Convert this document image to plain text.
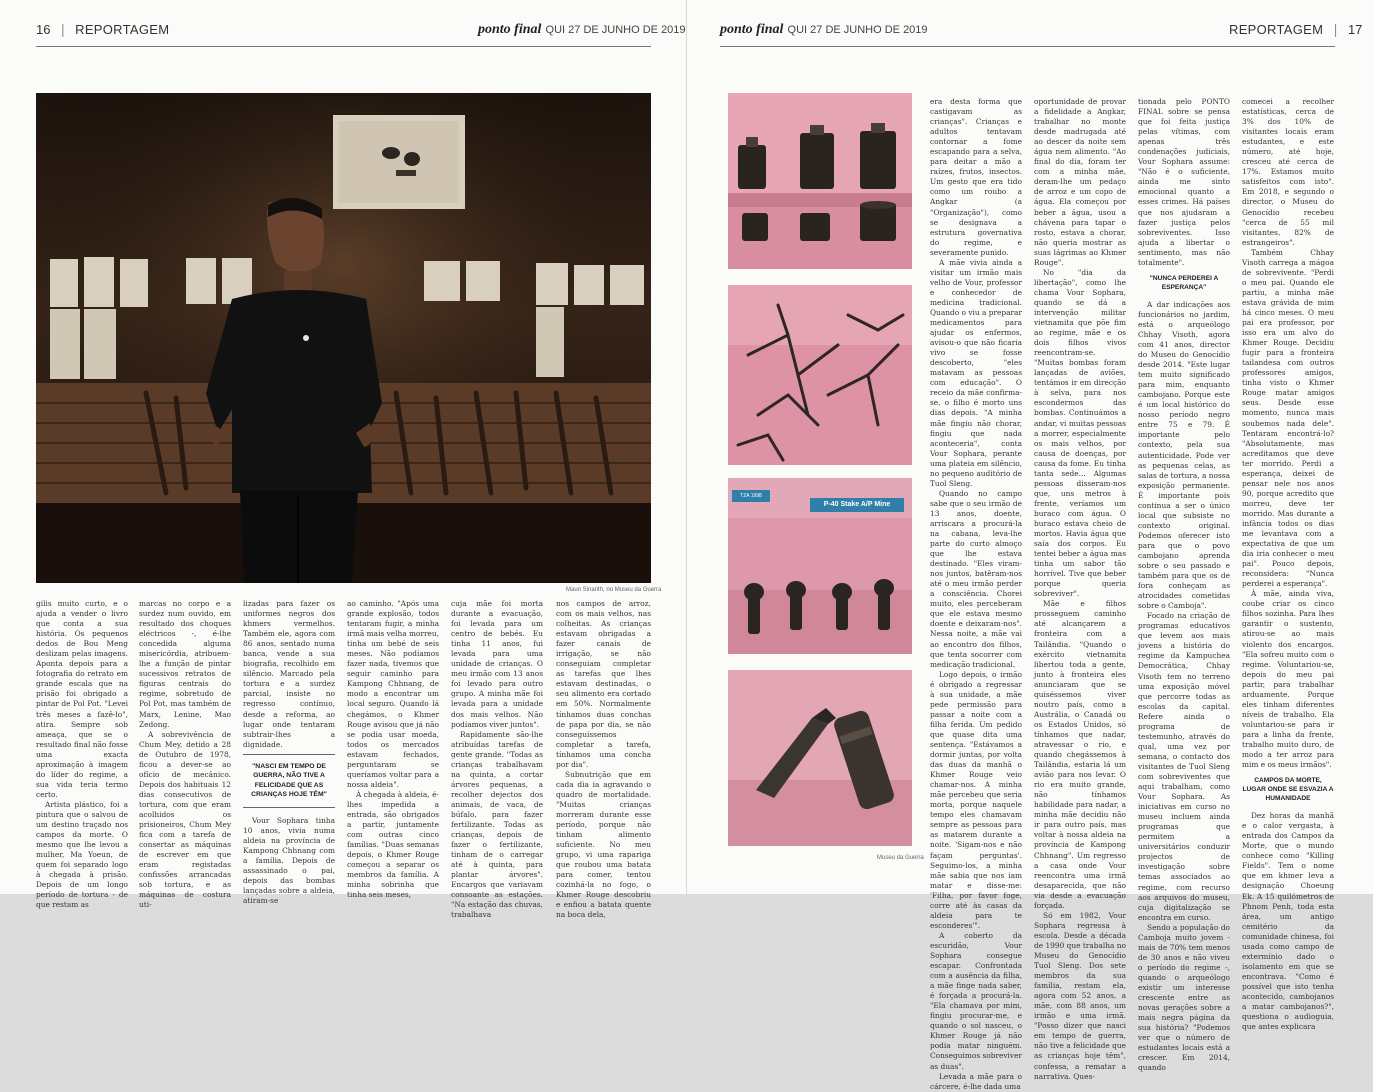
16 | REPORTAGEM	ponto final QUI 27 DE JUNHO DE 2019
Maun Sinarith, no Museu da Guerra

gilis muito curto, e o ajuda a vender o livro que conta a sua história. Os pequenos dedos de Bou Meng deslizam pelas imagens. Aponta depois para a fotografia do retrato em grande escala que na prisão foi obrigado a pintar de Pol Pot. "Levei três meses a fazê-lo", atira. Sempre sob ameaça, que se o resultado final não fosse uma exacta aproximação à imagem do líder do regime, a sua vida teria termo certo.

Artista plástico, foi a pintura que o salvou de um destino traçado nos campos da morte. O mesmo que lhe levou a mulher, Ma Yoeun, de quem foi separado logo à chegada à prisão. Depois de um longo período de tortura - de que restam as

marcas no corpo e a surdez num ouvido, em resultado dos choques eléctricos -, é-lhe concedida alguma misericórdia, atribuem-lhe a função de pintar sucessivos retratos de figuras centrais do regime, sobretudo de Pol Pot, mas também de Marx, Lenine, Mao Zedong.

A sobrevivência de Chum Mey, detido a 28 de Outubro de 1978, ficou a dever-se ao ofício de mecânico. Depois dos habituais 12 dias consecutivos de tortura, com que eram acolhidos os prisioneiros, Chum Mey fica com a tarefa de consertar as máquinas de escrever em que eram registadas confissões arrancadas sob tortura, e as máquinas de costura uti-

lizadas para fazer os uniformes negros dos khmers vermelhos. Também ele, agora com 86 anos, sentado numa banca, vende a sua biografia, recolhido em silêncio. Marcado pela tortura e a surdez parcial, insiste no regresso contínuo, desde a reforma, ao lugar onde tentaram subtrair-lhes a dignidade.

"NASCI EM TEMPO DE GUERRA, NÃO TIVE A FELICIDADE QUE AS CRIANÇAS HOJE TÊM"

Vour Sophara tinha 10 anos, vivia numa aldeia na província de Kampong Chhnang com a família. Depois de assassinado o pai, depois das bombas lançadas sobre a aldeia, atiram-se

ao caminho. "Após uma grande explosão, todos tentaram fugir, a minha irmã mais velha morreu, tinha um bebé de seis meses. Não podíamos fazer nada, tivemos que seguir caminho para Kampong Chhnang, de modo a encontrar um local seguro. Quando lá chegámos, o Khmer Rouge avisou que já não se podia usar moeda, todos os mercados estavam fechados, perguntaram se queríamos voltar para a nossa aldeia".

À chegada à aldeia, é-lhes impedida a entrada, são obrigados a partir, juntamente com outras cinco famílias. "Duas semanas depois, o Khmer Rouge começou a separar os membros da família. A minha sobrinha que tinha seis meses,

cuja mãe foi morta durante a evacuação, foi levada para um centro de bebés. Eu tinha 11 anos, fui levada para uma unidade de crianças. O meu irmão com 13 anos foi levado para outro grupo. A minha mãe foi levada para a unidade dos mais velhos. Não podíamos viver juntos".

Rapidamente são-lhe atribuídas tarefas de gente grande. "Todas as crianças trabalhavam na quinta, a cortar árvores pequenas, a recolher dejectos dos animais, de vaca, de búfalo, para fazer fertilizante. Todas as crianças, depois de fazer o fertilizante, tinham de o carregar até à quinta, para plantar árvores". Encargos que variavam consoante as estações. "Na estação das chuvas, trabalhava

nos campos de arroz, com os mais velhos, nas colheitas. As crianças estavam obrigadas a fazer canais de irrigação, se não conseguiam completar as tarefas que lhes estavam destinadas, o seu alimento era cortado em 50%. Normalmente tínhamos duas conchas de papa por dia, se não conseguíssemos completar a tarefa, tínhamos uma concha por dia".

Subnutrição que em cada dia ia agravando o quadro de mortalidade. "Muitas crianças morreram durante esse período, porque não tinham alimento suficiente. No meu grupo, vi uma rapariga que roubou uma batata para comer, tentou cozinhá-la no fogo, o Khmer Rouge descobriu e enfiou a batata quente na boca dela,

ponto final QUI 27 DE JUNHO DE 2019	REPORTAGEM | 17
TZA 1998
P-40 Stake A/P Mine
Museu da Guerra

era desta forma que castigavam as crianças". Crianças e adultos tentavam contornar a fome escapando para a selva, para deitar a mão a raízes, frutos, insectos. Um gesto que era tido como um roubo a Angkar (a "Organização"), como se designava a estrutura governativa do regime, e severamente punido.

A mãe vivia ainda a visitar um irmão mais velho de Vour, professor e conhecedor de medicina tradicional. Quando o viu a preparar medicamentos para ajudar os enfermos, avisou-o que não ficaria vivo se fosse descoberto, "eles matavam as pessoas com educação". O receio da mãe confirma-se, o filho é morto uns dias depois. "A minha mãe fingiu não chorar, fingiu que nada aconteceria", conta Vour Sophara, perante uma plateia em silêncio, no pequeno auditório de Tuol Sleng.

Quando no campo sabe que o seu irmão de 13 anos, doente, arriscara a procurá-la na cabana, leva-lhe parte do curto almoço que lhe estava destinado. "Eles viram-nos juntos, batêram-nos até o meu irmão perder a consciência. Chorei muito, eles perceberam que ele estava mesmo doente e deixaram-nos". Nessa noite, a mãe vai ao encontro dos filhos, que tenta socorrer com medicação tradicional.

Logo depois, o irmão é obrigado a regressar à sua unidade, a mãe pede permissão para passar a noite com a filha ferida. Um pedido que quase dita uma sentença. "Estávamos a dormir juntas, por volta das duas da manhã o Khmer Rouge veio chamar-nos. A minha mãe percebeu que seria morta, porque naquele tempo eles chamavam sempre as pessoas para as matarem durante a noite. 'Sigam-nos e não façam perguntas'. Seguimo-los, a minha mãe sabia que nos iam matar e disse-me: 'Filha, por favor foge, corre até às casas da aldeia para te esconderes'".

A coberto da escuridão, Vour Sophara consegue escapar. Confrontada com a ausência da filha, a mãe finge nada saber, é forçada a procurá-la. "Ela chamava por mim, fingiu procurar-me, e quando o sol nasceu, o Khmer Rouge já não podia matar ninguém. Conseguimos sobreviver as duas".

Levada a mãe para o cárcere, é-lhe dada uma

oportunidade de provar a fidelidade a Angkar, trabalhar no monte desde madrugada até ao descer da noite sem água nem alimento. "Ao final do dia, foram ter com a minha mãe, deram-lhe um pedaço de arroz e um copo de água. Ela começou por beber a água, usou a chávena para tapar o rosto, estava a chorar, não queria mostrar as suas lágrimas ao Khmer Rouge".

No "dia da libertação", como lhe chama Vour Sophara, quando se dá a intervenção militar vietnamita que põe fim ao regime, mãe e os dois filhos vivos reencontram-se. "Muitas bombas foram lançadas de aviões, tentámos ir em direcção à selva, para nos escondermos das bombas. Continuámos a andar, vi muitas pessoas a morrer, especialmente os mais velhos, por causa de doenças, por causa da fome. Eu tinha tanta sede... Algumas pessoas disseram-nos que, uns metros à frente, veríamos um buraco com água. O buraco estava cheio de mortos. Havia água que saía dos corpos. Eu tentei beber a água mas tinha um sabor tão horrível. Tive que beber porque queria sobreviver".

Mãe e filhos prosseguem caminho até alcançarem a fronteira com a Tailândia. "Quando o exército vietnamita libertou toda a gente, junto à fronteira eles anunciaram que se quiséssemos viver noutro país, como a Austrália, o Canadá ou os Estados Unidos, só tínhamos que nadar, atravessar o rio, e quando chegássemos à Tailândia, estaria lá um avião para nos levar. O rio era muito grande, não tínhamos habilidade para nadar, a minha mãe decidiu não ir para outro país, mas voltar à nossa aldeia na província de Kampong Chhnang". Um regresso a casa onde Vour reencontra uma irmã desaparecida, que não via desde a evacuação forçada.

Só em 1982, Vour Sophara regressa à escola. Desde a década de 1990 que trabalha no Museu do Genocídio Tuol Sleng. Dos sete membros da sua família, restam ela, agora com 52 anos, a mãe, com 88 anos, um irmão e uma irmã. "Posso dizer que nasci em tempo de guerra, não tive a felicidade que as crianças hoje têm", confessa, a rematar a narrativa. Ques-

tionada pelo PONTO FINAL sobre se pensa que foi feita justiça pelas vítimas, com apenas três condenações judiciais, Vour Sophara assume: "Não é o suficiente, ainda me sinto emocional quanto a esses crimes. Há países que nos ajudaram a fazer justiça pelos sobreviventes. Isso ajuda a libertar o sentimento, mas não totalmente".

"NUNCA PERDEREI A ESPERANÇA"

A dar indicações aos funcionários no jardim, está o arqueólogo Chhay Visoth, agora com 41 anos, director do Museu do Genocídio desde 2014. "Este lugar tem muito significado para mim, enquanto cambojano. Porque este é um local histórico do nosso período negro entre 75 e 79. É importante pelo contexto, pela sua autenticidade. Pode ver as pequenas celas, as salas de tortura, a nossa exposição permanente. É importante pois continua a ser o único local que subsiste no contexto original. Podemos oferecer isto para que o povo cambojano aprenda sobre o seu passado e também para que os de fora conheçam as atrocidades cometidas sobre o Camboja".

Focado na criação de programas educativos que levem aos mais jovens a história do regime da Kampuchea Democrática, Chhay Visoth tem no terreno uma exposição móvel que percorre todas as escolas da capital. Refere ainda o programa de testemunho, através do qual, uma vez por semana, o contacto dos visitantes de Tuol Sleng com sobreviventes que aqui trabalham, como Vour Sophara. As iniciativas em curso no museu incluem ainda programas que permitem a universitários conduzir projectos de investigação sobre temas associados ao regime, com recurso aos arquivos do museu, cuja digitalização se encontra em curso.

Sendo a população do Camboja muito jovem - mais de 70% tem menos de 30 anos e não viveu o período do regime -, quando o arqueólogo existir um interesse crescente entre as novas gerações sobre a mais negra página da sua história? "Podemos ver que o número de estudantes locais está a crescer. Em 2014, quando

comecei a recolher estatísticas, cerca de 3% dos 10% de visitantes locais eram estudantes, e este número, até hoje, cresceu até cerca de 17%. Estamos muito satisfeitos com isto". Em 2018, e segundo o director, o Museu do Genocídio recebeu "cerca de 55 mil visitantes, 82% de estrangeiros".

Também Chhay Visoth carrega a mágoa de sobrevivente. "Perdi o meu pai. Quando ele partiu, a minha mãe estava grávida de mim há cinco meses. O meu pai era professor, por isso era um alvo do Khmer Rouge. Decidiu fugir para a fronteira tailandesa com outros professores amigos, tinha visto o Khmer Rouge matar amigos seus. Desde esse momento, nunca mais soubemos nada dele". Tentaram encontrá-lo? "Absolutamente, mas acreditamos que deve ter morrido. Perdi a esperança, deixei de pensar nele nos anos 90, porque acredito que morreu, deve ter morrido. Mas durante a infância todos os dias me levantava com a expectativa de que um dia iria conhecer o meu pai". Pouco depois, reconsidera: "Nunca perderei a esperança".

À mãe, ainda viva, coube criar os cinco filhos sozinha. Para lhes garantir o sustento, atirou-se ao mais violento dos encargos. "Ela sofreu muito com o regime. Voluntariou-se, depois do meu pai partir, para trabalhar arduamente. Porque eles tinham diferentes níveis de trabalho. Ela voluntariou-se para ir para a linha da frente, trabalho muito duro, de modo a ter arroz para mim e os meus irmãos".

CAMPOS DA MORTE, LUGAR ONDE SE ESVAZIA A HUMANIDADE

Dez horas da manhã e o calor vergasta, à entrada dos Campos da Morte, que o mundo conhece como "Killing Fields". Tem o nome que em khmer leva a designação Choeung Ek. A 15 quilómetros de Phnom Penh, toda esta área, um antigo cemitério da comunidade chinesa, foi usada como campo de extermínio dado o isolamento em que se encontrava. "Como é possível que isto tenha acontecido, cambojanos a matar cambojanos?", questiona o audioguia, que antes explicara
